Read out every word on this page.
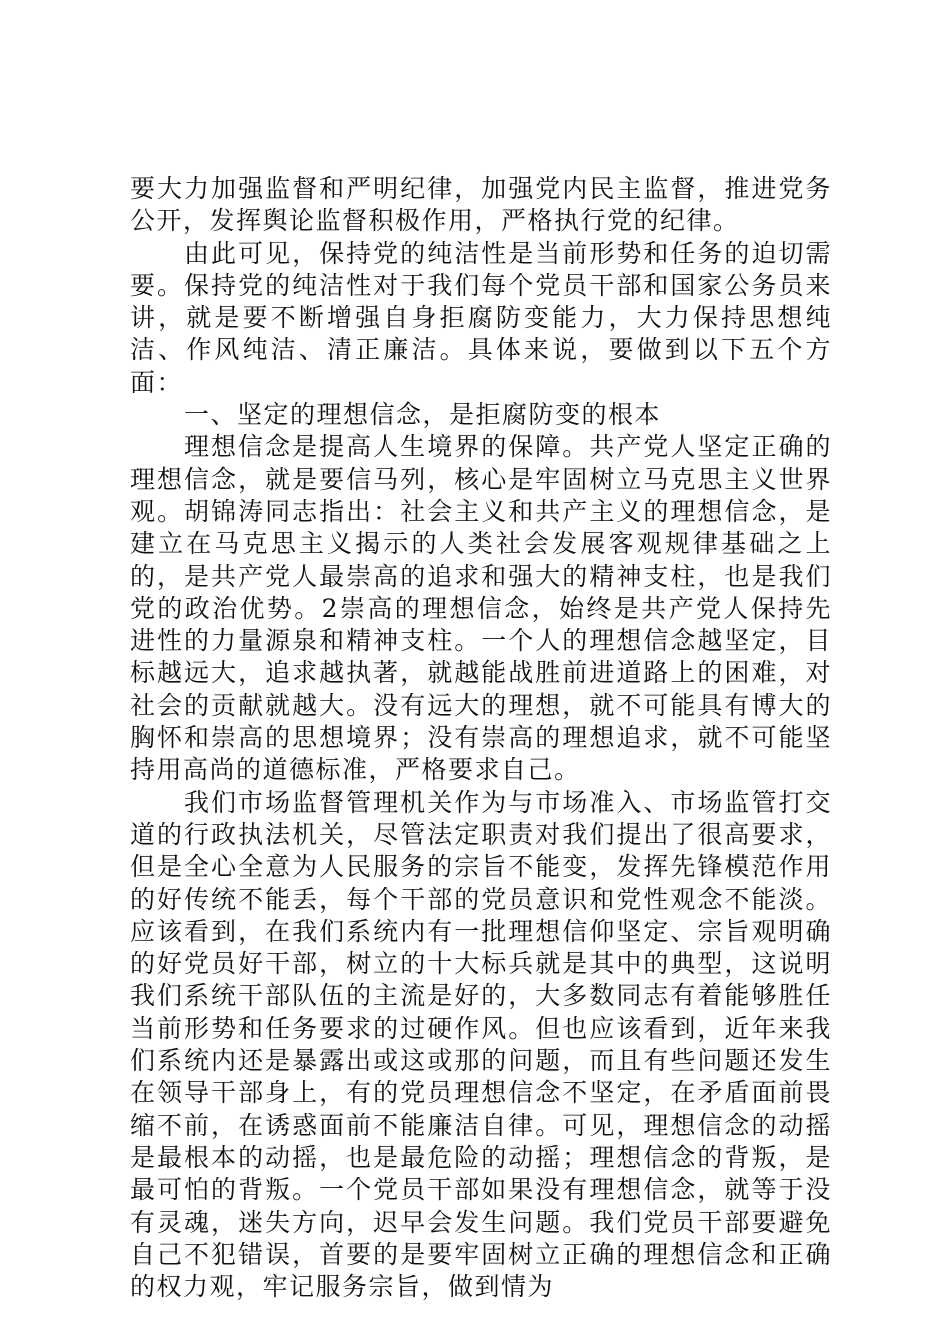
要大力加强监督和严明纪律，加强党内民主监督，推进党务公开，发挥舆论监督积极作用，严格执行党的纪律。

由此可见，保持党的纯洁性是当前形势和任务的迫切需要。保持党的纯洁性对于我们每个党员干部和国家公务员来讲，就是要不断增强自身拒腐防变能力，大力保持思想纯洁、作风纯洁、清正廉洁。具体来说，要做到以下五个方面：

一、坚定的理想信念，是拒腐防变的根本

理想信念是提高人生境界的保障。共产党人坚定正确的理想信念，就是要信马列，核心是牢固树立马克思主义世界观。胡锦涛同志指出：社会主义和共产主义的理想信念，是建立在马克思主义揭示的人类社会发展客观规律基础之上的，是共产党人最崇高的追求和强大的精神支柱，也是我们党的政治优势。2崇高的理想信念，始终是共产党人保持先进性的力量源泉和精神支柱。一个人的理想信念越坚定，目标越远大，追求越执著，就越能战胜前进道路上的困难，对社会的贡献就越大。没有远大的理想，就不可能具有博大的胸怀和崇高的思想境界；没有崇高的理想追求，就不可能坚持用高尚的道德标准，严格要求自己。

我们市场监督管理机关作为与市场准入、市场监管打交道的行政执法机关，尽管法定职责对我们提出了很高要求，但是全心全意为人民服务的宗旨不能变，发挥先锋模范作用的好传统不能丢，每个干部的党员意识和党性观念不能淡。应该看到，在我们系统内有一批理想信仰坚定、宗旨观明确的好党员好干部，树立的十大标兵就是其中的典型，这说明我们系统干部队伍的主流是好的，大多数同志有着能够胜任当前形势和任务要求的过硬作风。但也应该看到，近年来我们系统内还是暴露出或这或那的问题，而且有些问题还发生在领导干部身上，有的党员理想信念不坚定，在矛盾面前畏缩不前，在诱惑面前不能廉洁自律。可见，理想信念的动摇是最根本的动摇，也是最危险的动摇；理想信念的背叛，是最可怕的背叛。一个党员干部如果没有理想信念，就等于没有灵魂，迷失方向，迟早会发生问题。我们党员干部要避免自己不犯错误，首要的是要牢固树立正确的理想信念和正确的权力观，牢记服务宗旨，做到情为
